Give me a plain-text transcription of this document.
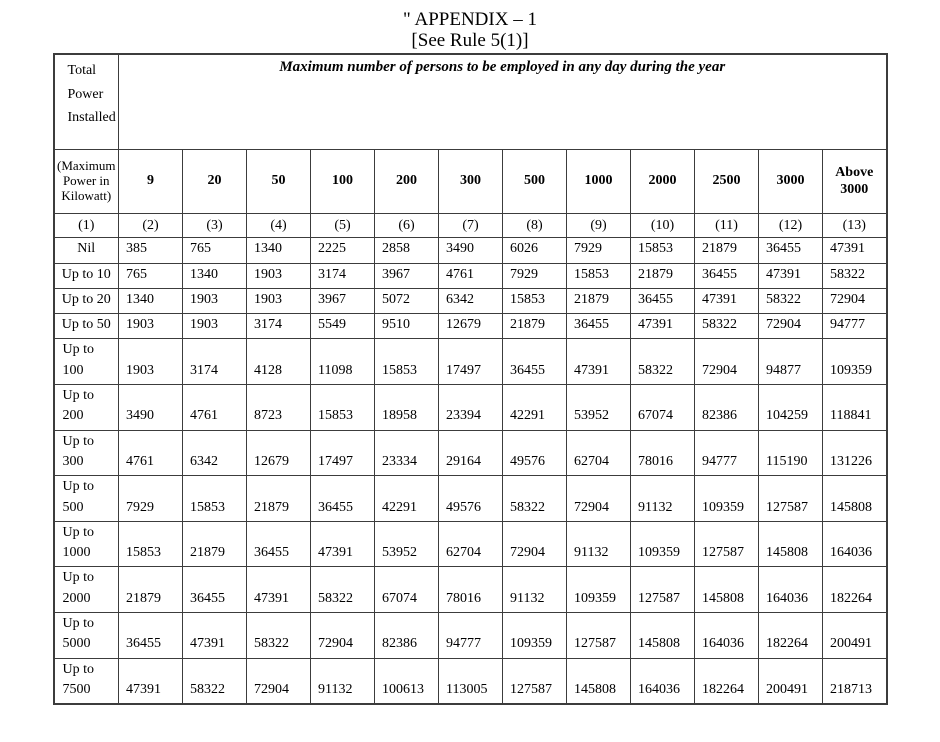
" APPENDIX – 1
[See Rule 5(1)]
Total Power Installed	Maximum number of persons to be employed in any day during the year											
(Maximum Power in Kilowatt)	9	20	50	100	200	300	500	1000	2000	2500	3000	Above 3000
(1)	(2)	(3)	(4)	(5)	(6)	(7)	(8)	(9)	(10)	(11)	(12)	(13)
Nil	385	765	1340	2225	2858	3490	6026	7929	15853	21879	36455	47391
Up to 10	765	1340	1903	3174	3967	4761	7929	15853	21879	36455	47391	58322
Up to 20	1340	1903	1903	3967	5072	6342	15853	21879	36455	47391	58322	72904
Up to 50	1903	1903	3174	5549	9510	12679	21879	36455	47391	58322	72904	94777
Up to
100	1903	3174	4128	11098	15853	17497	36455	47391	58322	72904	94877	109359
Up to
200	3490	4761	8723	15853	18958	23394	42291	53952	67074	82386	104259	118841
Up to
300	4761	6342	12679	17497	23334	29164	49576	62704	78016	94777	115190	131226
Up to
500	7929	15853	21879	36455	42291	49576	58322	72904	91132	109359	127587	145808
Up to
1000	15853	21879	36455	47391	53952	62704	72904	91132	109359	127587	145808	164036
Up to
2000	21879	36455	47391	58322	67074	78016	91132	109359	127587	145808	164036	182264
Up to
5000	36455	47391	58322	72904	82386	94777	109359	127587	145808	164036	182264	200491
Up to
7500	47391	58322	72904	91132	100613	113005	127587	145808	164036	182264	200491	218713
